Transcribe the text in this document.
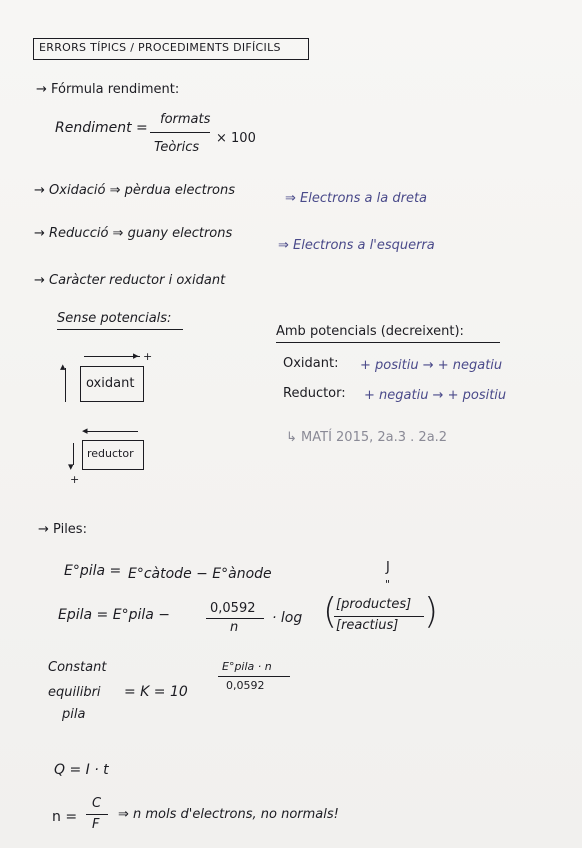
ERRORS TÍPICS / PROCEDIMENTS DIFÍCILS
→ Fórmula rendiment:
Rendiment =
formats
Teòrics
× 100
→ Oxidació ⇒ pèrdua electrons
⇒ Electrons a la dreta
→ Reducció ⇒ guany electrons
⇒ Electrons a l'esquerra
→ Caràcter reductor i oxidant
Sense potencials:
▸ +
▴
oxidant
◂
▾
reductor
+
Amb potencials (decreixent):
Oxidant: + positiu → + negatiu
Reductor: + negatiu → + positiu
↳ MATÍ 2015, 2a.3 . 2a.2
→ Piles:
E°pila = E°càtode − E°ànode	J
"
Epila = E°pila −	0,0592
n
· log (
[productes]
[reactius] )
Constant
equilibri
pila
= K = 10
E°pila · n
0,0592
Q = I · t
n =
C
F
⇒ n mols d'electrons, no normals!
